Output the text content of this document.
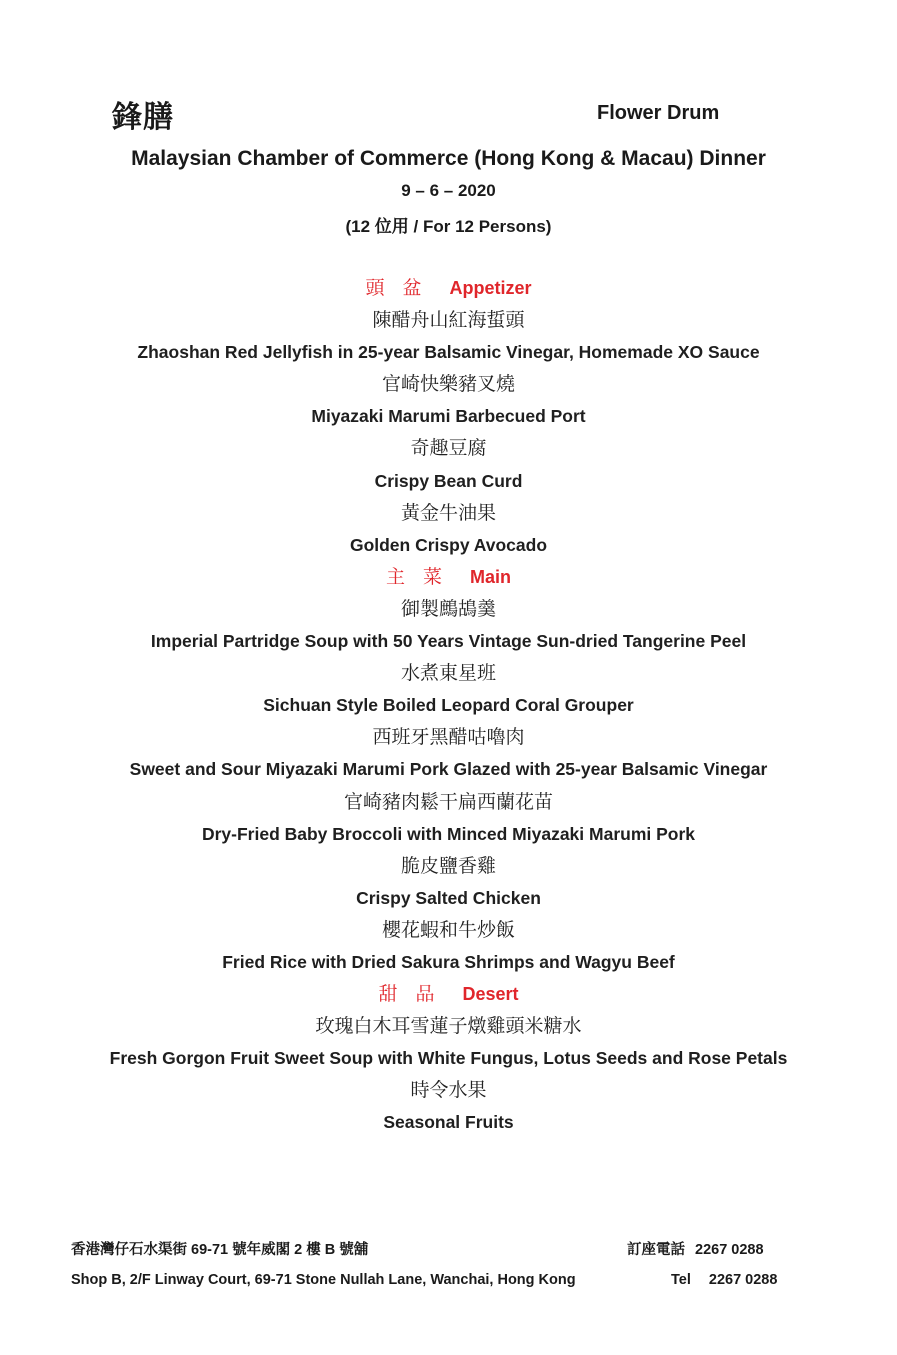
鋒膳	Flower Drum
Malaysian Chamber of Commerce (Hong Kong & Macau) Dinner
9 – 6 – 2020
(12 位用 / For 12 Persons)
頭 盆 Appetizer
陳醋舟山紅海蜇頭
Zhaoshan Red Jellyfish in 25-year Balsamic Vinegar, Homemade XO Sauce
官崎快樂豬叉燒
Miyazaki Marumi Barbecued Port
奇趣豆腐
Crispy Bean Curd
黃金牛油果
Golden Crispy Avocado
主 菜 Main
御製鷓鴣羹
Imperial Partridge Soup with 50 Years Vintage Sun-dried Tangerine Peel
水煮東星班
Sichuan Style Boiled Leopard Coral Grouper
西班牙黑醋咕嚕肉
Sweet and Sour Miyazaki Marumi Pork Glazed with 25-year Balsamic Vinegar
官崎豬肉鬆干扁西蘭花苗
Dry-Fried Baby Broccoli with Minced Miyazaki Marumi Pork
脆皮鹽香雞
Crispy Salted Chicken
櫻花蝦和牛炒飯
Fried Rice with Dried Sakura Shrimps and Wagyu Beef
甜 品 Desert
玫瑰白木耳雪蓮子燉雞頭米糖水
Fresh Gorgon Fruit Sweet Soup with White Fungus, Lotus Seeds and Rose Petals
時令水果
Seasonal Fruits
香港灣仔石水渠街 69-71 號年威閣 2 樓 B 號舖
Shop B, 2/F Linway Court, 69-71 Stone Nullah Lane, Wanchai, Hong Kong
訂座電話 2267 0288
Tel 2267 0288
